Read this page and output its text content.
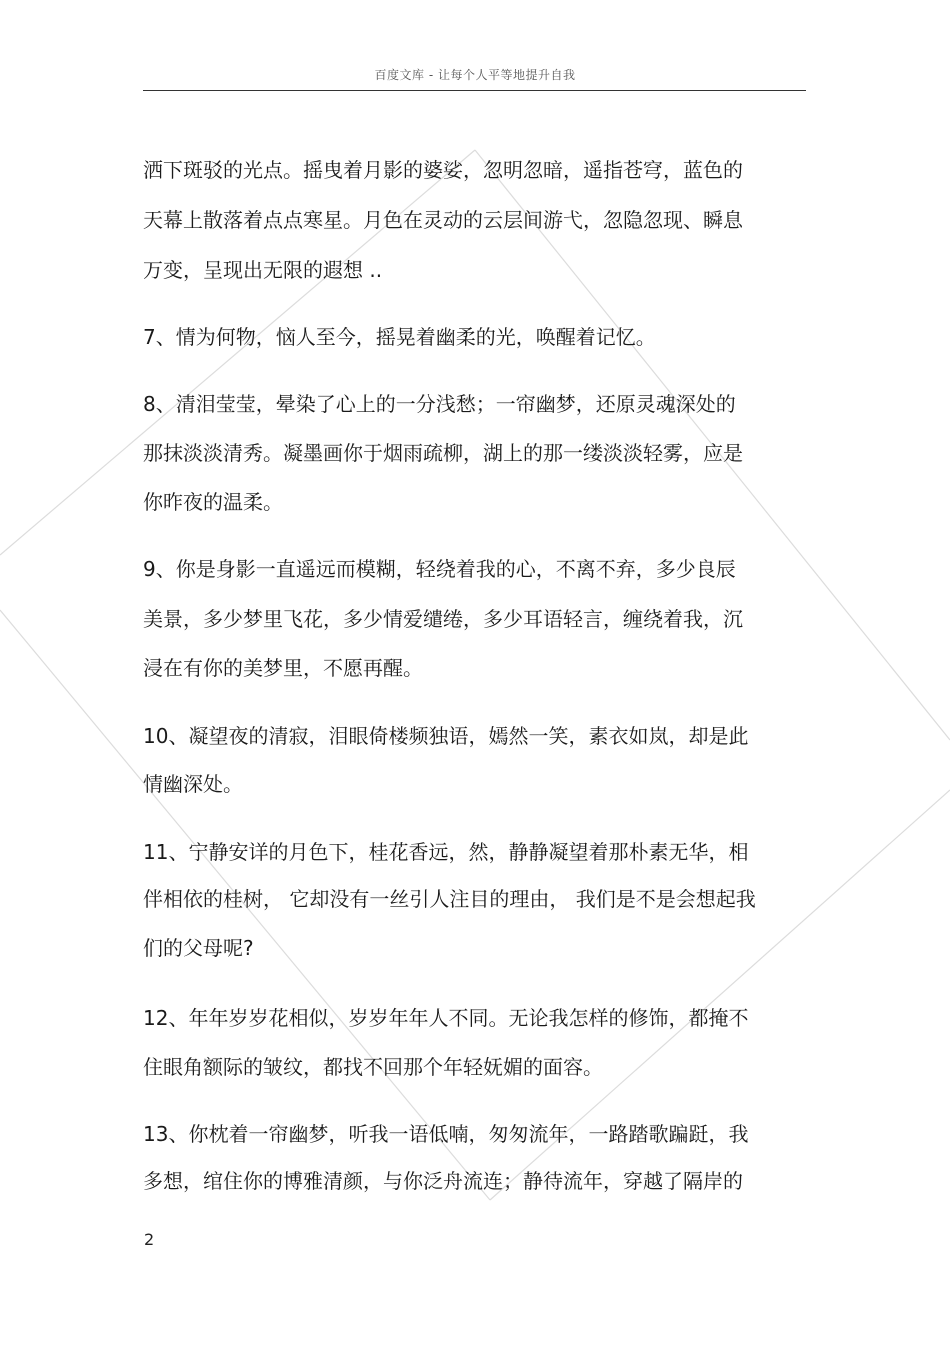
百度文库 - 让每个人平等地提升自我
洒下斑驳的光点。摇曳着月影的婆娑，忽明忽暗，遥指苍穹，蓝色的
天幕上散落着点点寒星。月色在灵动的云层间游弋，忽隐忽现、瞬息
万变，呈现出无限的遐想 ..
7、情为何物，恼人至今，摇晃着幽柔的光，唤醒着记忆。
8、清泪莹莹，晕染了心上的一分浅愁；一帘幽梦，还原灵魂深处的
那抹淡淡清秀。凝墨画你于烟雨疏柳，湖上的那一缕淡淡轻雾，应是
你昨夜的温柔。
9、你是身影一直遥远而模糊，轻绕着我的心，不离不弃，多少良辰
美景，多少梦里飞花，多少情爱缱绻，多少耳语轻言，缠绕着我，沉
浸在有你的美梦里，不愿再醒。
10、凝望夜的清寂，泪眼倚楼频独语，嫣然一笑，素衣如岚，却是此
情幽深处。
11、宁静安详的月色下，桂花香远，然，静静凝望着那朴素无华，相
伴相依的桂树， 它却没有一丝引人注目的理由， 我们是不是会想起我
们的父母呢?
12、年年岁岁花相似，岁岁年年人不同。无论我怎样的修饰，都掩不
住眼角额际的皱纹，都找不回那个年轻妩媚的面容。
13、你枕着一帘幽梦，听我一语低喃，匆匆流年，一路踏歌蹁跹，我
多想，绾住你的博雅清颜，与你泛舟流连；静待流年，穿越了隔岸的
2
